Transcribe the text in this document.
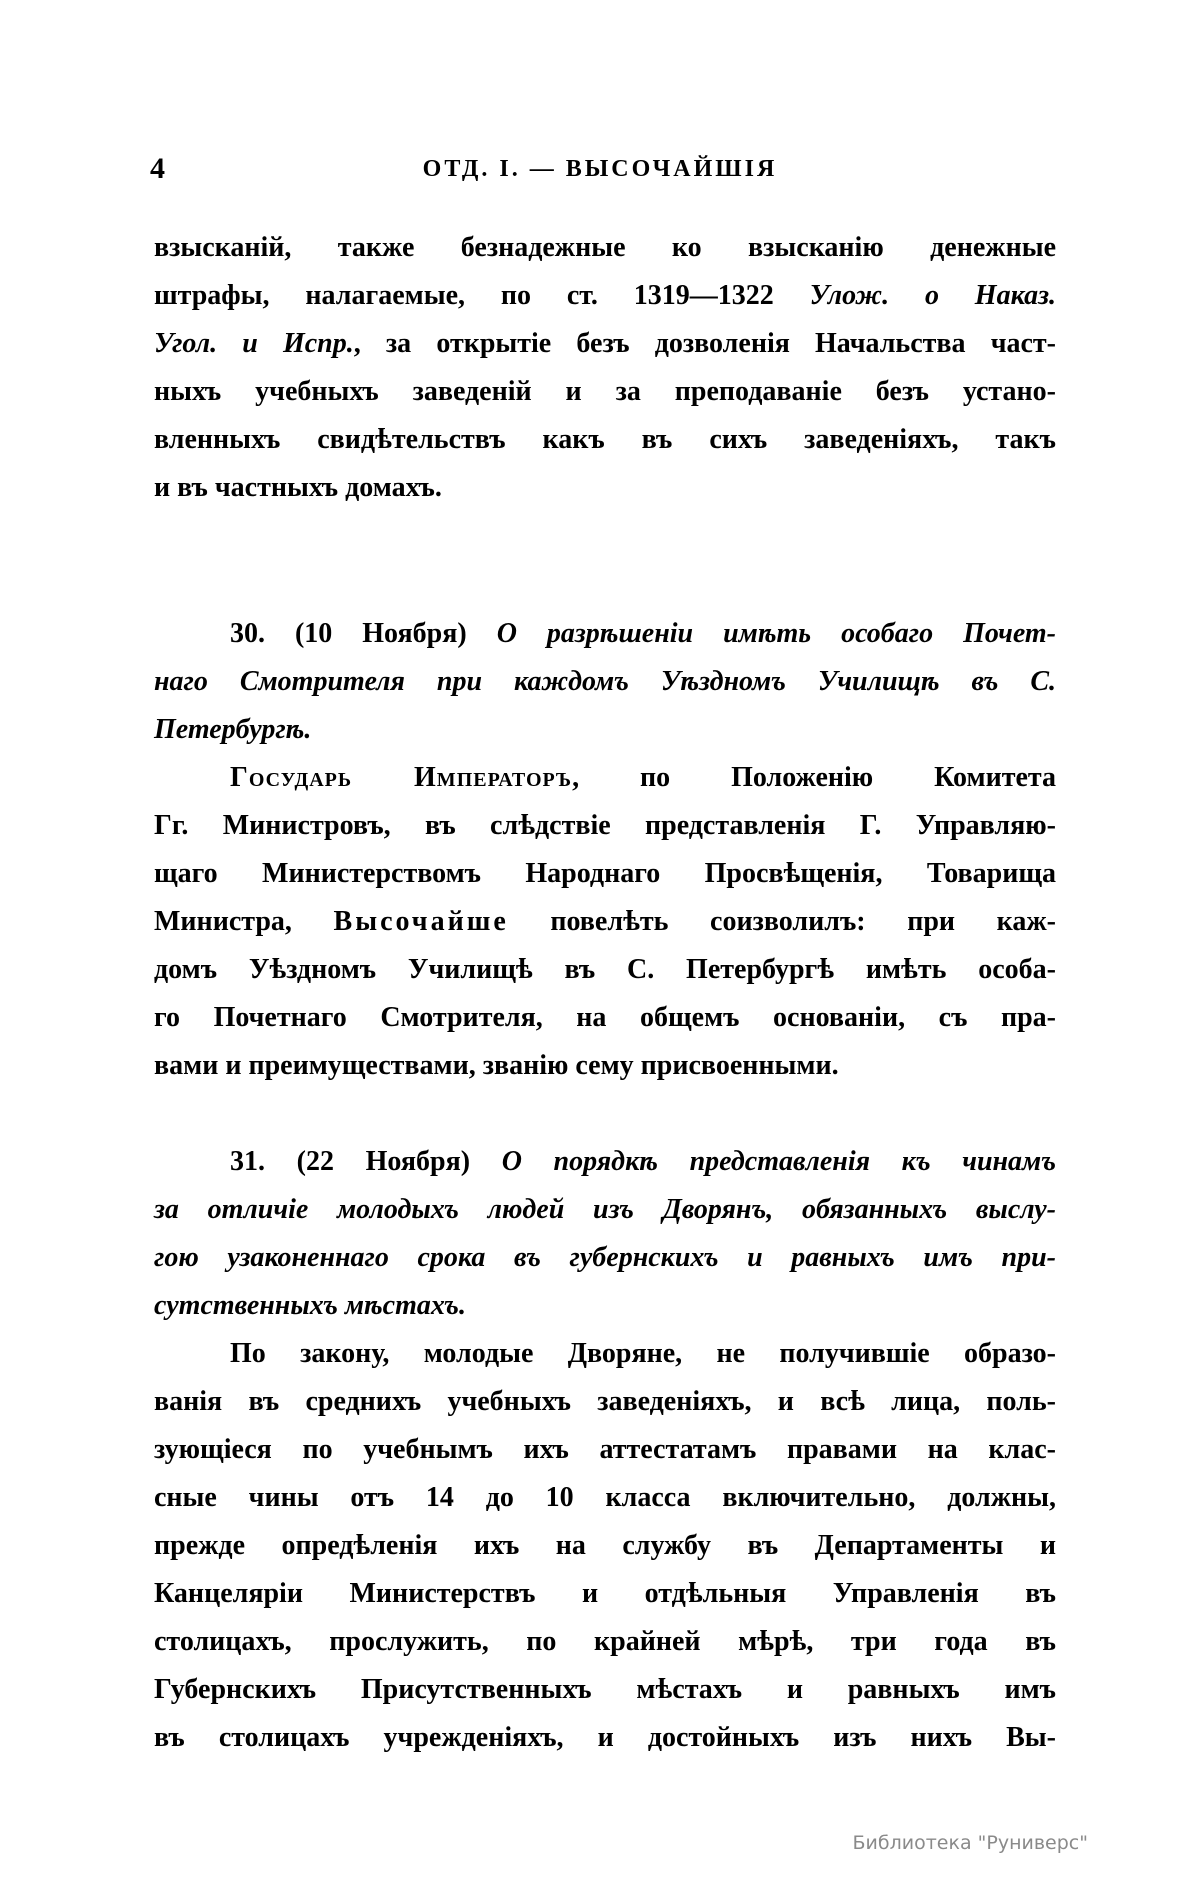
4	ОТД. I. — ВЫСОЧАЙШІЯ
взысканій, также безнадежные ко взысканію денежные
штрафы, налагаемые, по ст. 1319—1322 Улож. о Наказ.
Угол. и Испр., за открытіе безъ дозволенія Начальства част-
ныхъ учебныхъ заведеній и за преподаваніе безъ устано-
вленныхъ свидѣтельствъ какъ въ сихъ заведеніяхъ, такъ
и въ частныхъ домахъ.
30. (10 Ноября) О разрѣшеніи имѣть особаго Почет-
наго Смотрителя при каждомъ Уѣздномъ Училищѣ въ С.
Петербургѣ.
Государь Императоръ, по Положенію Комитета
Гг. Министровъ, въ слѣдствіе представленія Г. Управляю-
щаго Министерствомъ Народнаго Просвѣщенія, Товарища
Министра, Высочайше повелѣть соизволилъ: при каж-
домъ Уѣздномъ Училищѣ въ С. Петербургѣ имѣть особа-
го Почетнаго Смотрителя, на общемъ основаніи, съ пра-
вами и преимуществами, званію сему присвоенными.
31. (22 Ноября) О порядкѣ представленія къ чинамъ
за отличіе молодыхъ людей изъ Дворянъ, обязанныхъ выслу-
гою узаконеннаго срока въ губернскихъ и равныхъ имъ при-
сутственныхъ мѣстахъ.
По закону, молодые Дворяне, не получившіе образо-
ванія въ среднихъ учебныхъ заведеніяхъ, и всѣ лица, поль-
зующіеся по учебнымъ ихъ аттестатамъ правами на клас-
сные чины отъ 14 до 10 класса включительно, должны,
прежде опредѣленія ихъ на службу въ Департаменты и
Канцеляріи Министерствъ и отдѣльныя Управленія въ
столицахъ, прослужить, по крайней мѣрѣ, три года въ
Губернскихъ Присутственныхъ мѣстахъ и равныхъ имъ
въ столицахъ учрежденіяхъ, и достойныхъ изъ нихъ Вы-
Библиотека "Руниверс"
